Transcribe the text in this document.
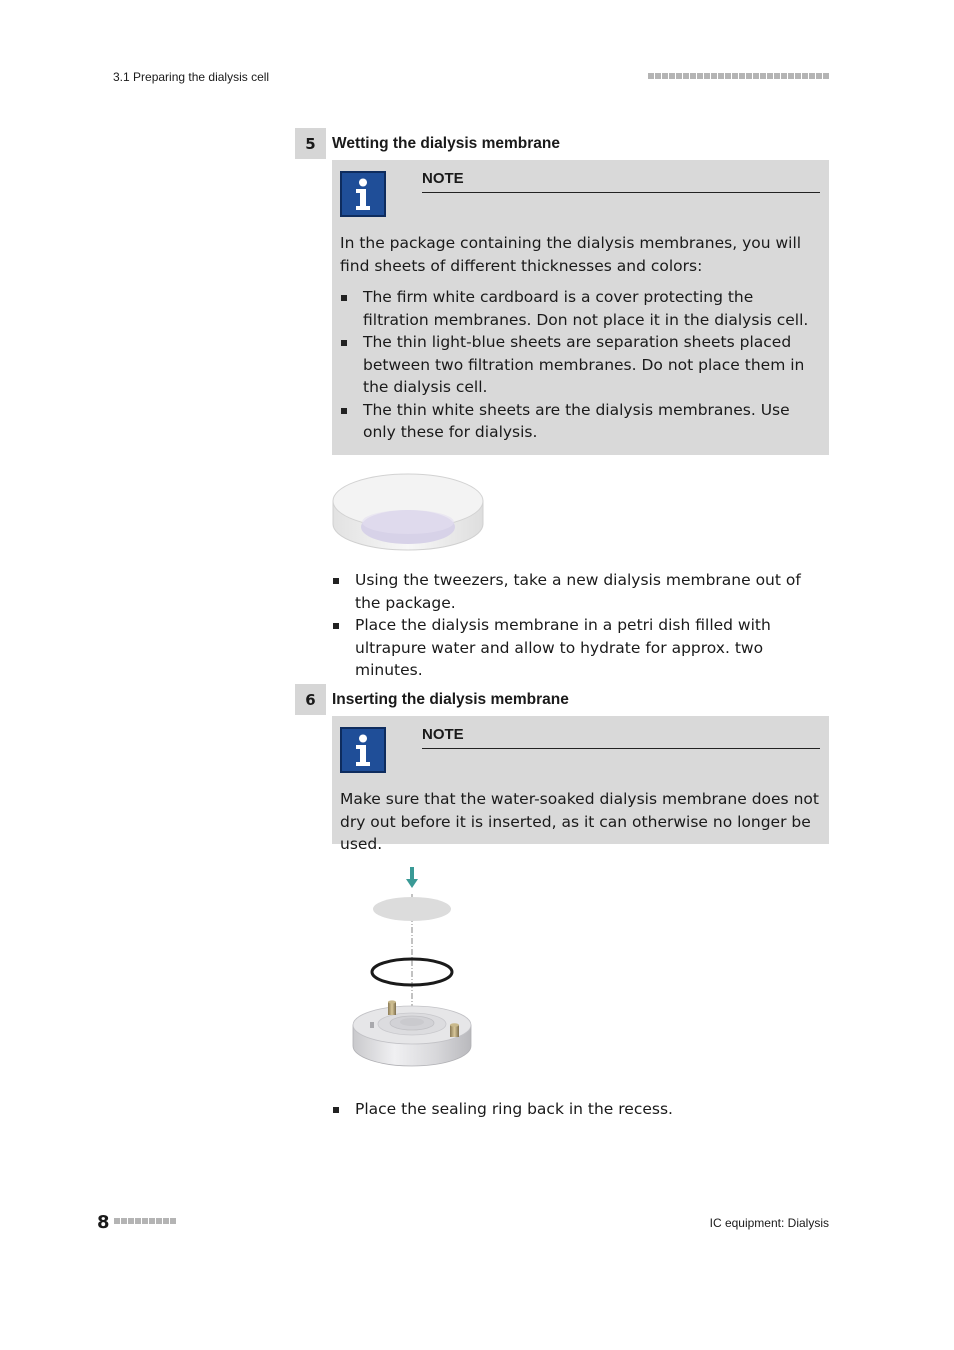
3.1 Preparing the dialysis cell
5	Wetting the dialysis membrane
NOTE
In the package containing the dialysis membranes, you will find sheets of different thicknesses and colors:
The firm white cardboard is a cover protecting the filtration membranes. Don not place it in the dialysis cell.
The thin light-blue sheets are separation sheets placed between two filtration membranes. Do not place them in the dialysis cell.
The thin white sheets are the dialysis membranes. Use only these for dialysis.
Using the tweezers, take a new dialysis membrane out of the package.
Place the dialysis membrane in a petri dish filled with ultrapure water and allow to hydrate for approx. two minutes.
6	Inserting the dialysis membrane
NOTE
Make sure that the water-soaked dialysis membrane does not dry out before it is inserted, as it can otherwise no longer be used.
Place the sealing ring back in the recess.
8	IC equipment: Dialysis
